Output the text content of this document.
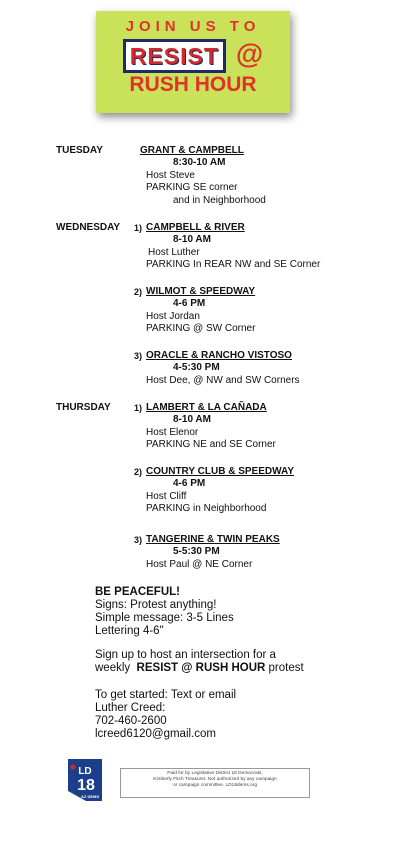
JOIN US TO
RESIST @
RUSH HOUR
TUESDAY	GRANT & CAMPBELL
8:30-10 AM
Host Steve
PARKING SE corner
and in Neighborhood
WEDNESDAY 1) CAMPBELL & RIVER
8-10 AM
Host Luther
PARKING In REAR NW and SE Corner
2) WILMOT & SPEEDWAY
4-6 PM
Host Jordan
PARKING @ SW Corner
3) ORACLE & RANCHO VISTOSO
4-5:30 PM
Host Dee, @ NW and SW Corners
THURSDAY	1) LAMBERT & LA CAÑADA
8-10 AM
Host Elenor
PARKING NE and SE Corner
2) COUNTRY CLUB & SPEEDWAY
4-6 PM
Host Cliff
PARKING in Neighborhood
3) TANGERINE & TWIN PEAKS
5-5:30 PM
Host Paul @ NE Corner
BE PEACEFUL!
Signs: Protest anything!
Simple message: 3-5 Lines
Lettering 4-6"
Sign up to host an intersection for a
weekly RESIST @ RUSH HOUR protest
To get started: Text or email
Luther Creed:
702-460-2600
lcreed6120@gmail.com
LD
18
AZ DEMS
Paid for by Legislative District 18 Democrats,
Kimberly Fitch Treasurer. Not authorized by any campaign
or campaign committee. LD18dems.org
